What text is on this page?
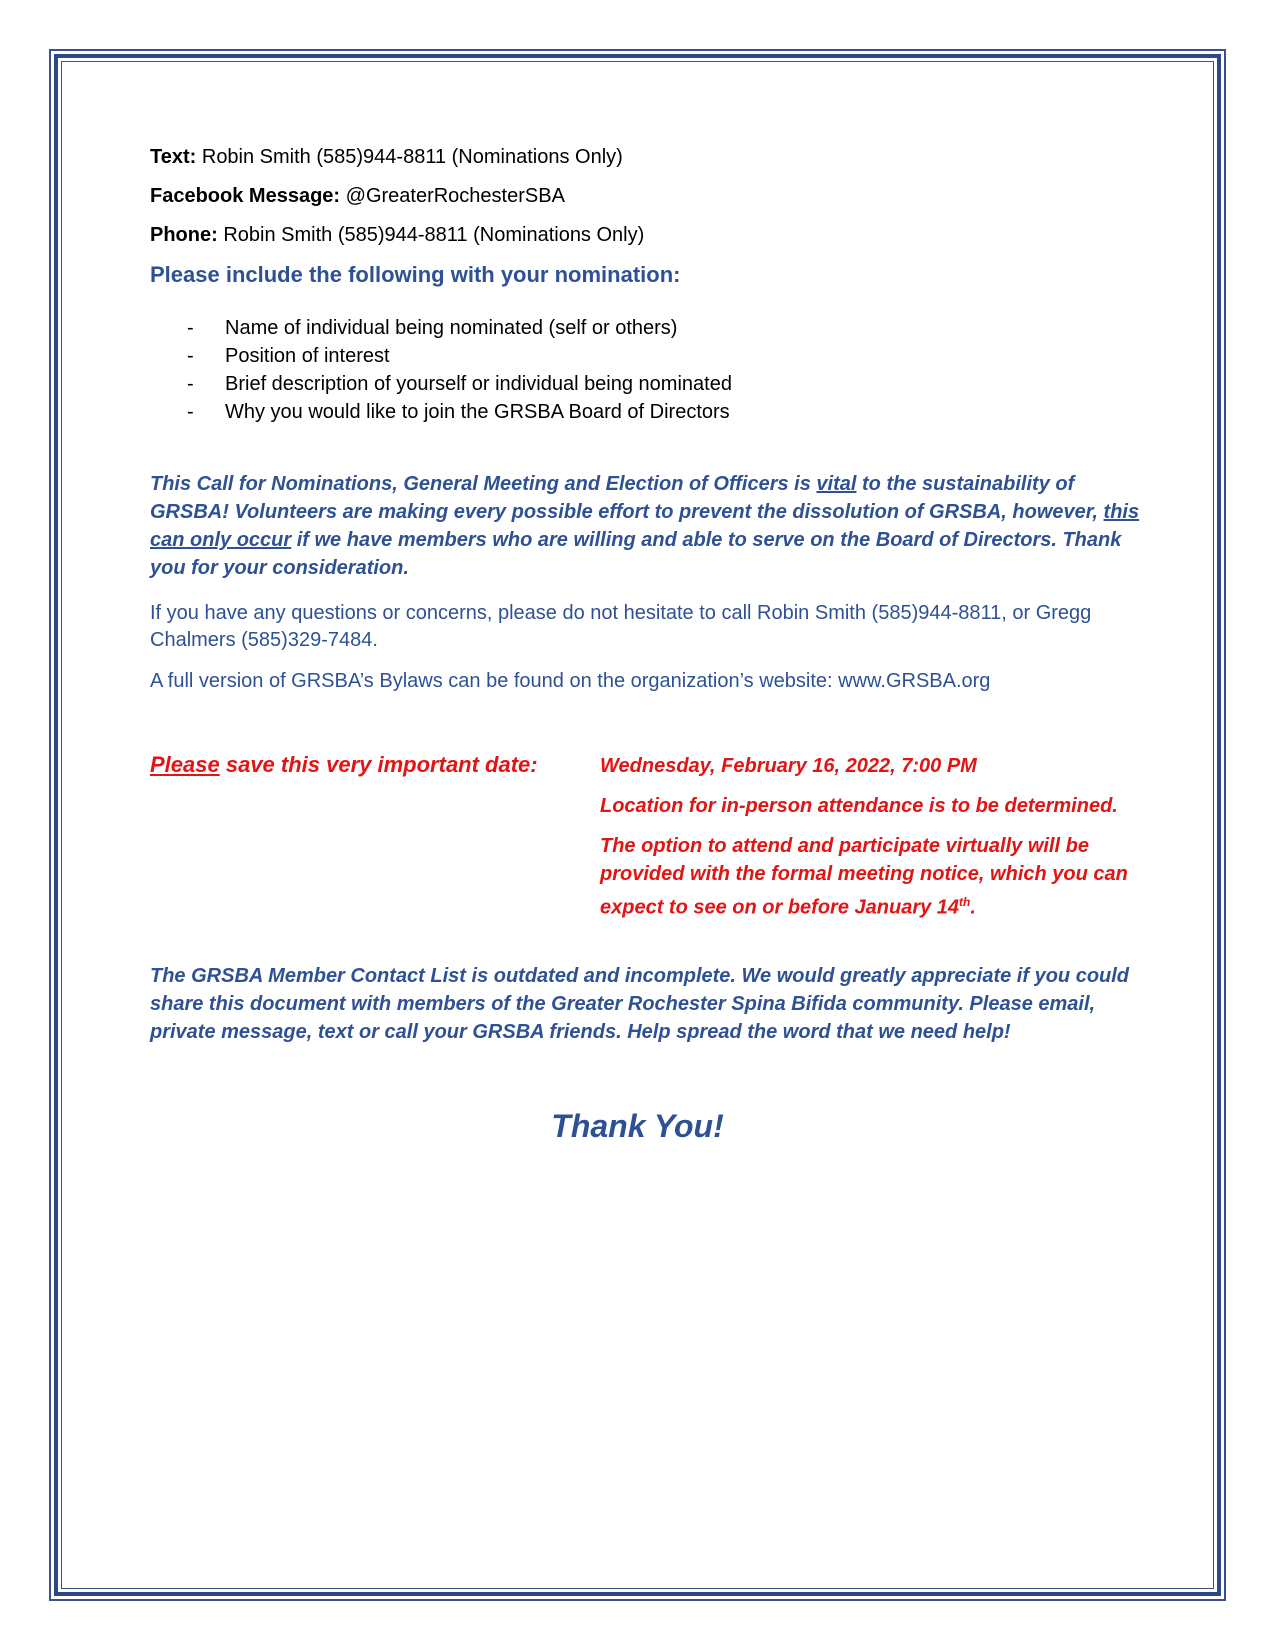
Text: Robin Smith (585)944-8811 (Nominations Only)

Facebook Message: @GreaterRochesterSBA

Phone: Robin Smith (585)944-8811 (Nominations Only)

Please include the following with your nomination:

- Name of individual being nominated (self or others)
- Position of interest
- Brief description of yourself or individual being nominated
- Why you would like to join the GRSBA Board of Directors

This Call for Nominations, General Meeting and Election of Officers is vital to the sustainability of GRSBA! Volunteers are making every possible effort to prevent the dissolution of GRSBA, however, this can only occur if we have members who are willing and able to serve on the Board of Directors. Thank you for your consideration.

If you have any questions or concerns, please do not hesitate to call Robin Smith (585)944-8811, or Gregg Chalmers (585)329-7484.

A full version of GRSBA’s Bylaws can be found on the organization’s website: www.GRSBA.org

Please save this very important date:	Wednesday, February 16, 2022, 7:00 PM
Location for in-person attendance is to be determined.
The option to attend and participate virtually will be provided with the formal meeting notice, which you can expect to see on or before January 14th.

The GRSBA Member Contact List is outdated and incomplete. We would greatly appreciate if you could share this document with members of the Greater Rochester Spina Bifida community. Please email, private message, text or call your GRSBA friends. Help spread the word that we need help!

Thank You!
